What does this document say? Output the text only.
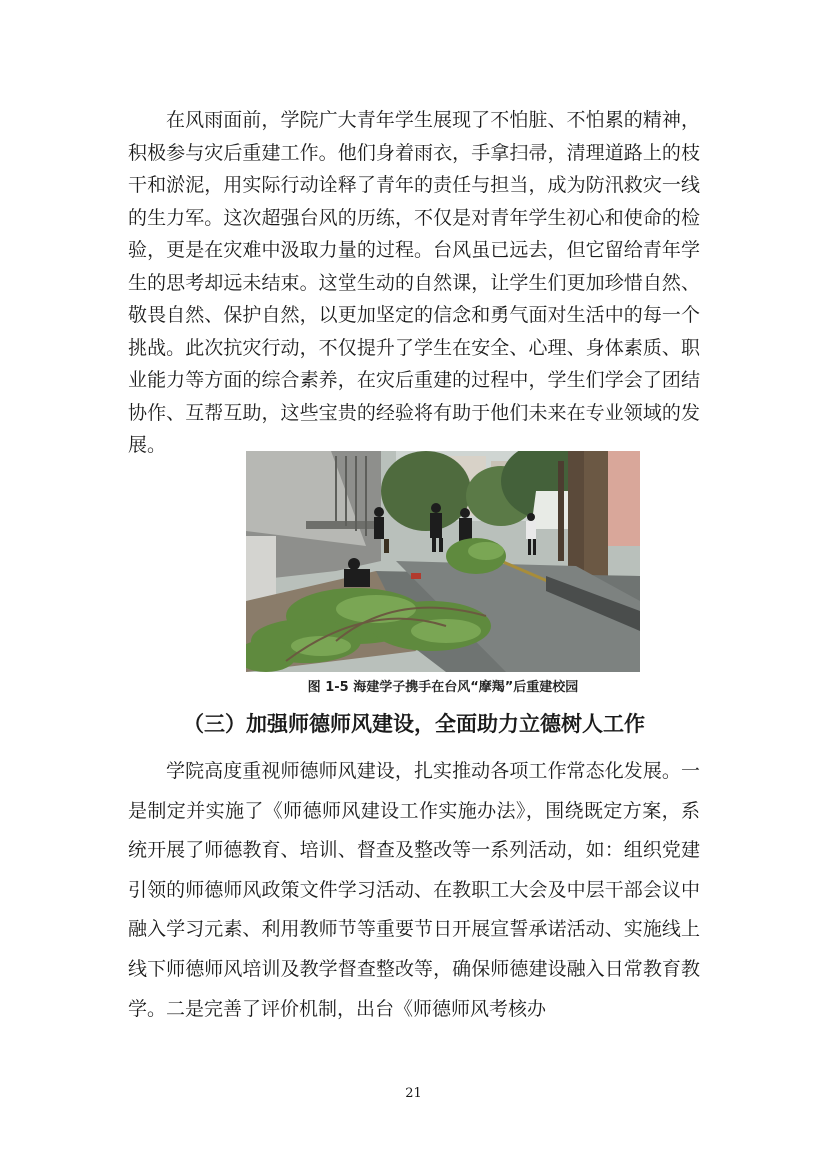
在风雨面前，学院广大青年学生展现了不怕脏、不怕累的精神，积极参与灾后重建工作。他们身着雨衣，手拿扫帚，清理道路上的枝干和淤泥，用实际行动诠释了青年的责任与担当，成为防汛救灾一线的生力军。这次超强台风的历练，不仅是对青年学生初心和使命的检验，更是在灾难中汲取力量的过程。台风虽已远去，但它留给青年学生的思考却远未结束。这堂生动的自然课，让学生们更加珍惜自然、敬畏自然、保护自然，以更加坚定的信念和勇气面对生活中的每一个挑战。此次抗灾行动，不仅提升了学生在安全、心理、身体素质、职业能力等方面的综合素养，在灾后重建的过程中，学生们学会了团结协作、互帮互助，这些宝贵的经验将有助于他们未来在专业领域的发展。

图 1-5 海建学子携手在台风“摩羯”后重建校园

（三）加强师德师风建设，全面助力立德树人工作

学院高度重视师德师风建设，扎实推动各项工作常态化发展。一是制定并实施了《师德师风建设工作实施办法》，围绕既定方案，系统开展了师德教育、培训、督查及整改等一系列活动，如：组织党建引领的师德师风政策文件学习活动、在教职工大会及中层干部会议中融入学习元素、利用教师节等重要节日开展宣誓承诺活动、实施线上线下师德师风培训及教学督查整改等，确保师德建设融入日常教育教学。二是完善了评价机制，出台《师德师风考核办

21
